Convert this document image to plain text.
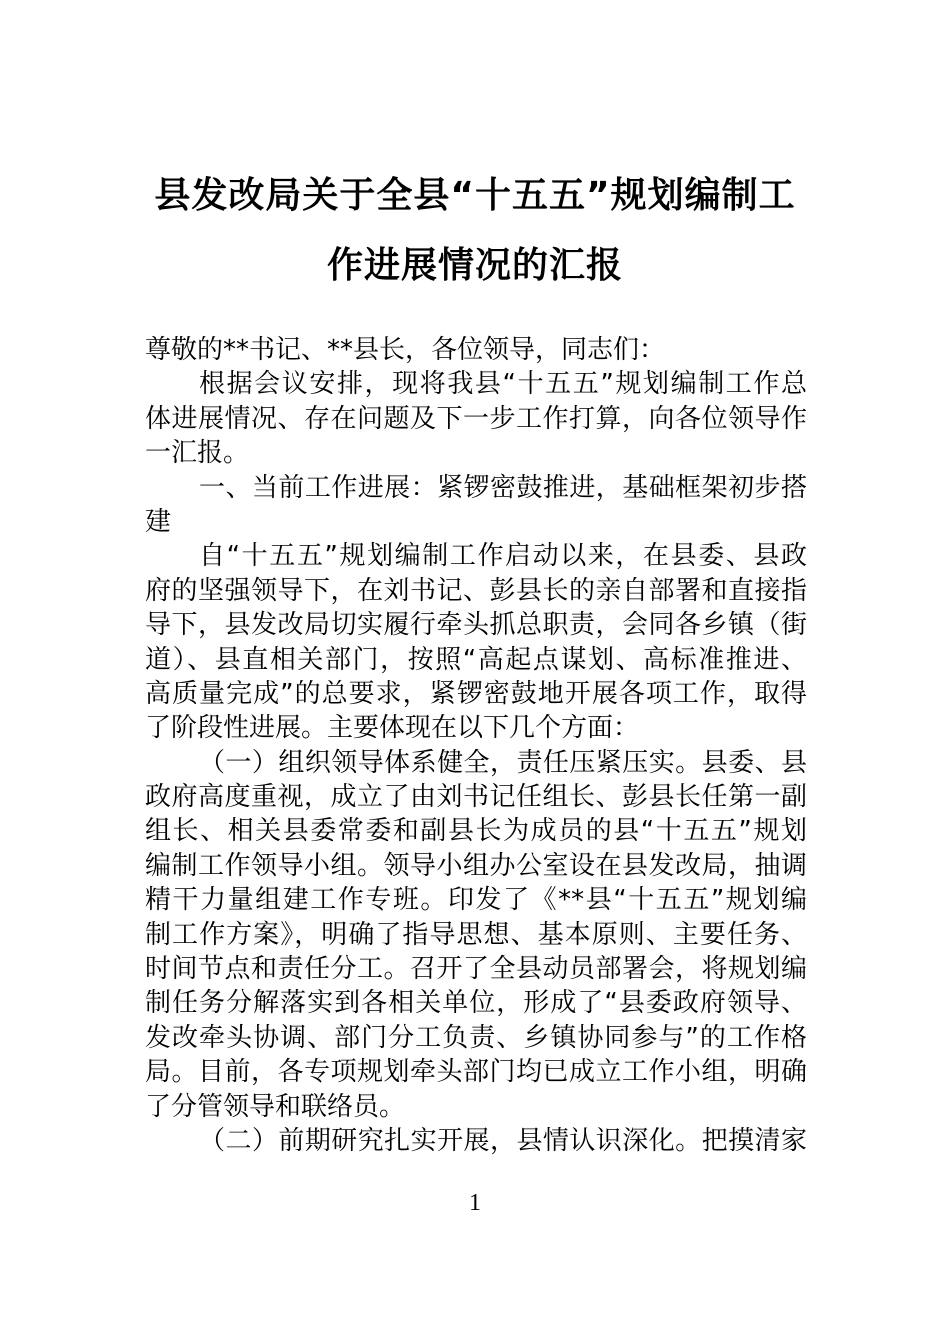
县发改局关于全县“十五五”规划编制工
作进展情况的汇报
尊敬的**书记、**县长，各位领导，同志们：
根据会议安排，现将我县“十五五”规划编制工作总
体进展情况、存在问题及下一步工作打算，向各位领导作
一汇报。
一、当前工作进展：紧锣密鼓推进，基础框架初步搭
建
自“十五五”规划编制工作启动以来，在县委、县政
府的坚强领导下，在刘书记、彭县长的亲自部署和直接指
导下，县发改局切实履行牵头抓总职责，会同各乡镇（街
道）、县直相关部门，按照“高起点谋划、高标准推进、
高质量完成”的总要求，紧锣密鼓地开展各项工作，取得
了阶段性进展。主要体现在以下几个方面：
（一）组织领导体系健全，责任压紧压实。县委、县
政府高度重视，成立了由刘书记任组长、彭县长任第一副
组长、相关县委常委和副县长为成员的县“十五五”规划
编制工作领导小组。领导小组办公室设在县发改局，抽调
精干力量组建工作专班。印发了《**县“十五五”规划编
制工作方案》，明确了指导思想、基本原则、主要任务、
时间节点和责任分工。召开了全县动员部署会，将规划编
制任务分解落实到各相关单位，形成了“县委政府领导、
发改牵头协调、部门分工负责、乡镇协同参与”的工作格
局。目前，各专项规划牵头部门均已成立工作小组，明确
了分管领导和联络员。
（二）前期研究扎实开展，县情认识深化。把摸清家
1
